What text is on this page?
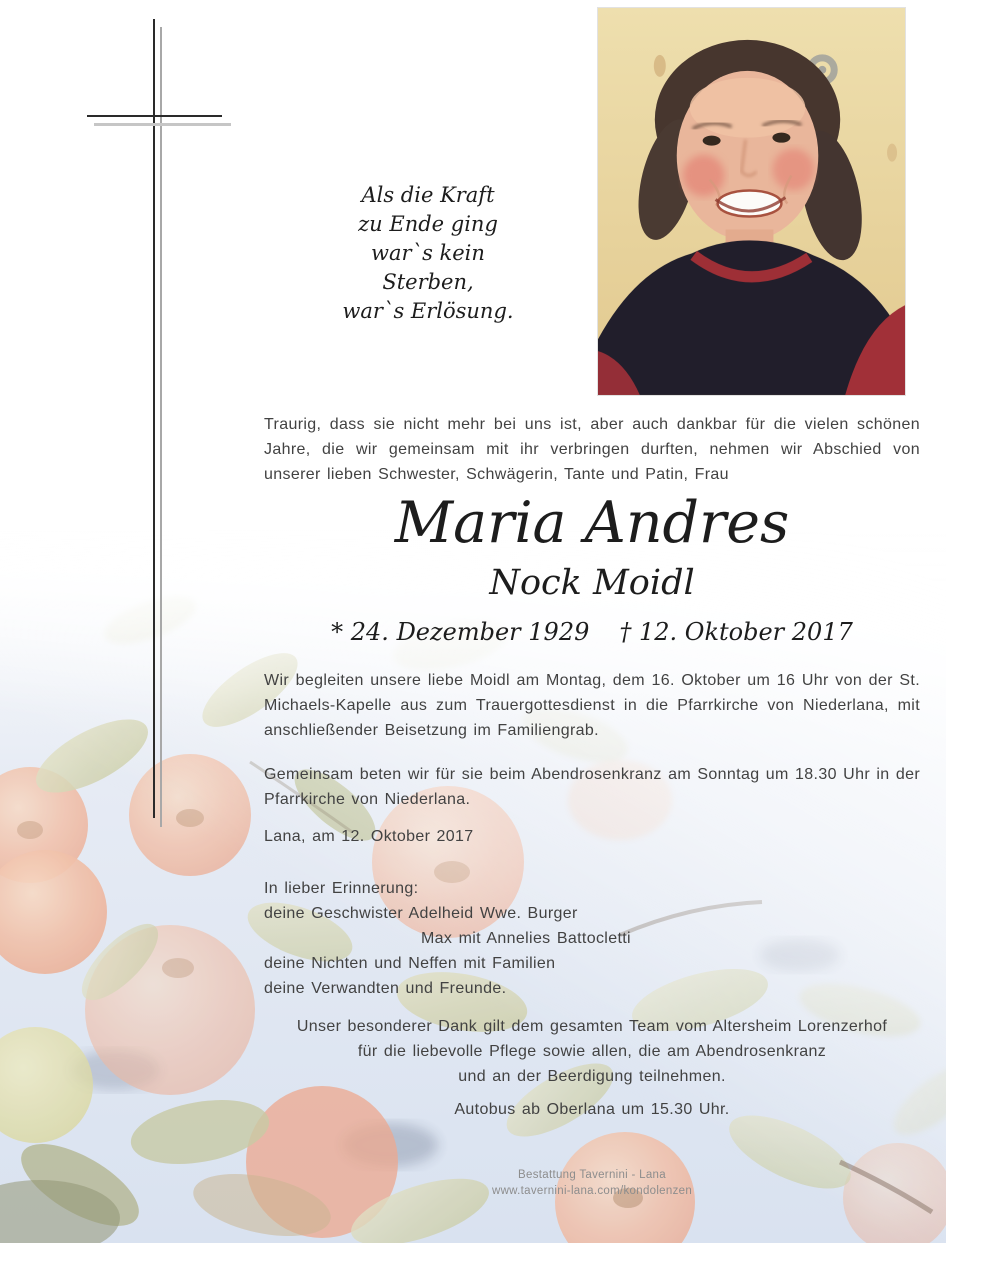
Als die Kraft
zu Ende ging
war`s kein Sterben,
war`s Erlösung.

Traurig, dass sie nicht mehr bei uns ist, aber auch dankbar für die vielen schönen Jahre, die wir gemeinsam mit ihr verbringen durften, nehmen wir Abschied von unserer lieben Schwester, Schwägerin, Tante und Patin, Frau

Maria Andres
Nock Moidl
* 24. Dezember 1929 † 12. Oktober 2017

Wir begleiten unsere liebe Moidl am Montag, dem 16. Oktober um 16 Uhr von der St. Michaels-Kapelle aus zum Trauergottesdienst in die Pfarrkirche von Niederlana, mit anschließender Beisetzung im Familiengrab.

Gemeinsam beten wir für sie beim Abendrosenkranz am Sonntag um 18.30 Uhr in der Pfarrkirche von Niederlana.

Lana, am 12. Oktober 2017
In lieber Erinnerung:
deine Geschwister Adelheid Wwe. Burger
Max mit Annelies Battocletti
deine Nichten und Neffen mit Familien
deine Verwandten und Freunde.
Unser besonderer Dank gilt dem gesamten Team vom Altersheim Lorenzerhof
für die liebevolle Pflege sowie allen, die am Abendrosenkranz
und an der Beerdigung teilnehmen.
Autobus ab Oberlana um 15.30 Uhr.
Bestattung Tavernini - Lana
www.tavernini-lana.com/kondolenzen
